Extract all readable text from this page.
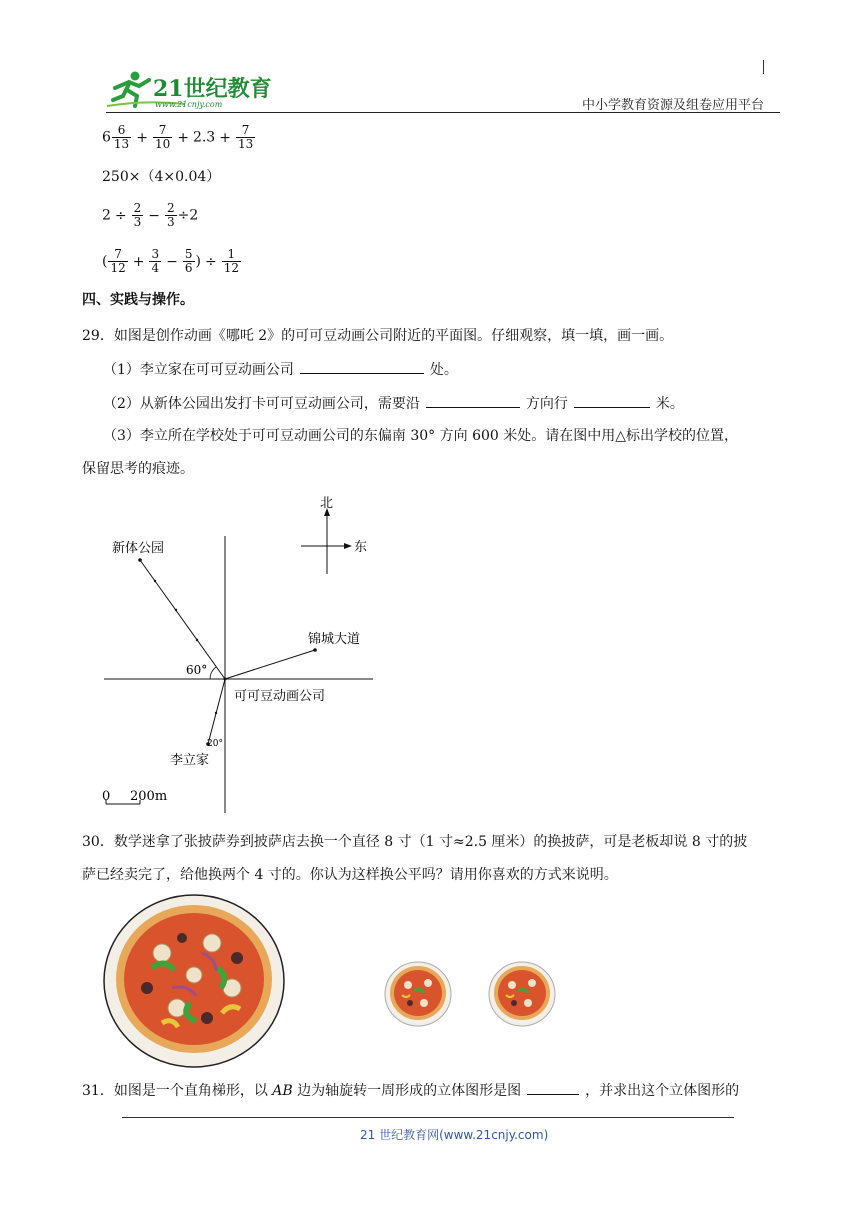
21世纪教育
www.21cnjy.com	中小学教育资源及组卷应用平台
$6 \frac{6}{13} + \frac{7}{10} + 2.3 + \frac{7}{13}$
250×（4×0.04）
$2 \div \frac{2}{3} - \frac{2}{3} \div 2$
( $\frac{7}{12} + \frac{3}{4} - \frac{5}{6}$ ) ÷ $\frac{1}{12}$
四、实践与操作。
29．如图是创作动画《哪吒 2》的可可豆动画公司附近的平面图。仔细观察，填一填，画一画。
（1）李立家在可可豆动画公司	处。
（2）从新体公园出发打卡可可豆动画公司，需要沿	方向行	米。
（3）李立所在学校处于可可豆动画公司的东偏南 30° 方向 600 米处。请在图中用△标出学校的位置，
保留思考的痕迹。
北
东
新体公园
锦城大道
李立家
60°
20°
可可豆动画公司
0 200m
30．数学迷拿了张披萨券到披萨店去换一个直径 8 寸（1 寸≈2.5 厘米）的换披萨，可是老板却说 8 寸的披
萨已经卖完了，给他换两个 4 寸的。你认为这样换公平吗？请用你喜欢的方式来说明。
31．如图是一个直角梯形，以 AB 边为轴旋转一周形成的立体图形是图	，并求出这个立体图形的
21 世纪教育网(www.21cnjy.com)
